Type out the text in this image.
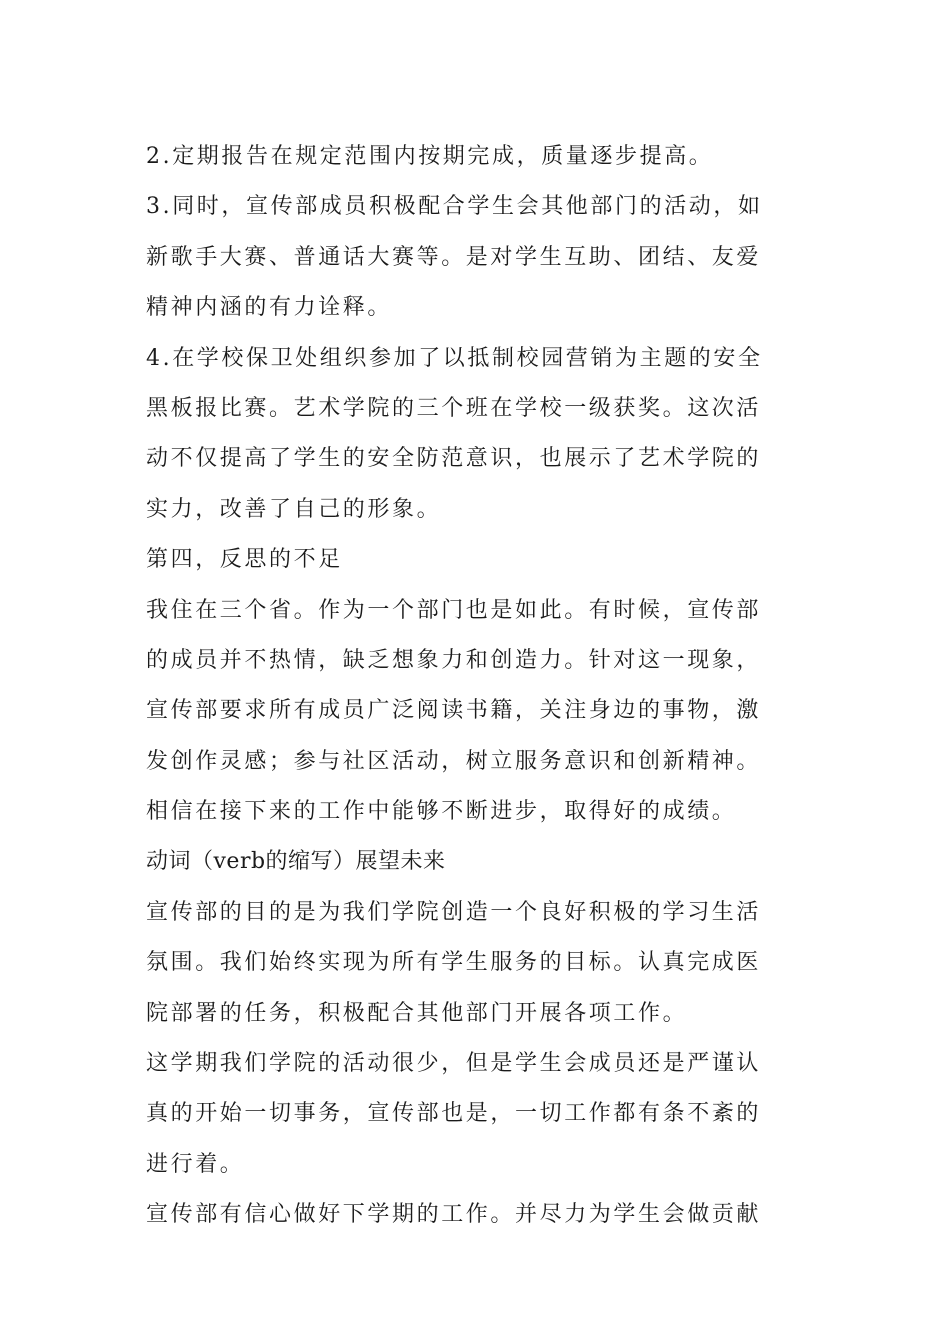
2.定期报告在规定范围内按期完成，质量逐步提高。
3.同时，宣传部成员积极配合学生会其他部门的活动，如
新歌手大赛、普通话大赛等。是对学生互助、团结、友爱
精神内涵的有力诠释。
4.在学校保卫处组织参加了以抵制校园营销为主题的安全
黑板报比赛。艺术学院的三个班在学校一级获奖。这次活
动不仅提高了学生的安全防范意识，也展示了艺术学院的
实力，改善了自己的形象。
第四，反思的不足
我住在三个省。作为一个部门也是如此。有时候，宣传部
的成员并不热情，缺乏想象力和创造力。针对这一现象，
宣传部要求所有成员广泛阅读书籍，关注身边的事物，激
发创作灵感；参与社区活动，树立服务意识和创新精神。
相信在接下来的工作中能够不断进步，取得好的成绩。
动词（verb的缩写）展望未来
宣传部的目的是为我们学院创造一个良好积极的学习生活
氛围。我们始终实现为所有学生服务的目标。认真完成医
院部署的任务，积极配合其他部门开展各项工作。
这学期我们学院的活动很少，但是学生会成员还是严谨认
真的开始一切事务，宣传部也是，一切工作都有条不紊的
进行着。
宣传部有信心做好下学期的工作。并尽力为学生会做贡献
